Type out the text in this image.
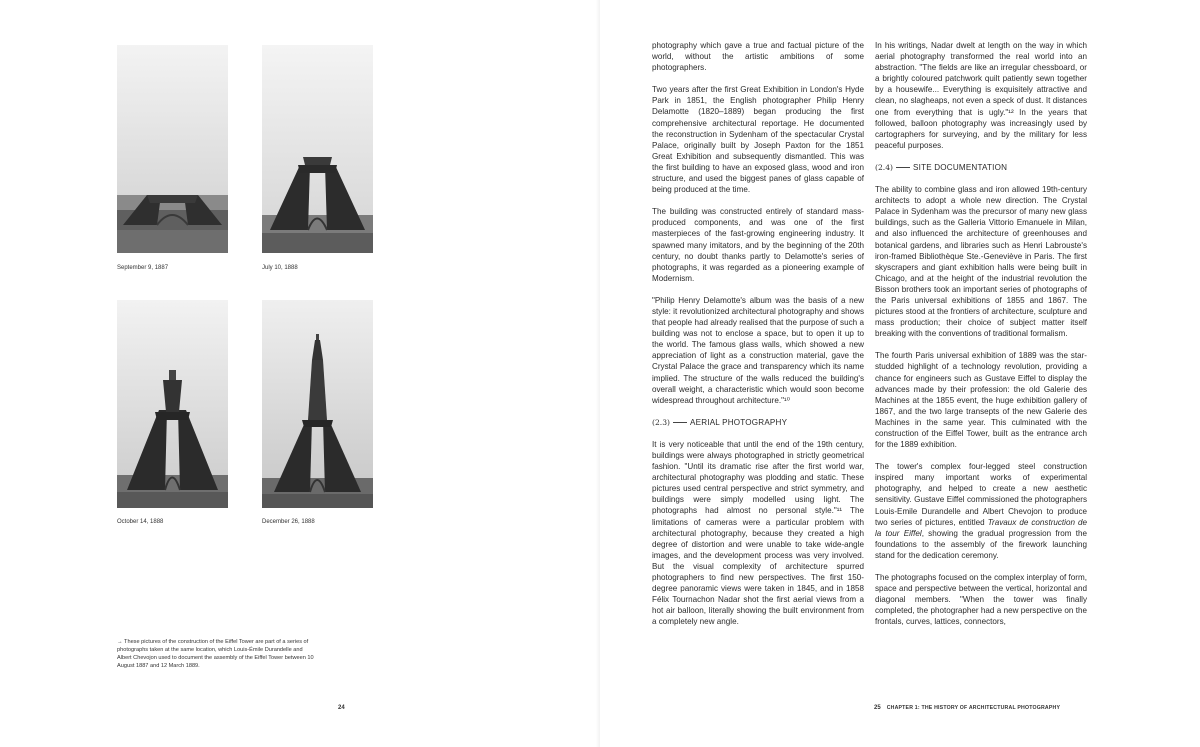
September 9, 1887	July 10, 1888
October 14, 1888	December 26, 1888
→ These pictures of the construction of the Eiffel Tower are part of a series of photographs taken at the same location, which Louis-Émile Durandelle and Albert Chevojon used to document the assembly of the Eiffel Tower between 10 August 1887 and 12 March 1889.
24

photography which gave a true and factual picture of the world, without the artistic ambitions of some photographers.

Two years after the first Great Exhibition in London's Hyde Park in 1851, the English photographer Philip Henry Delamotte (1820–1889) began producing the first comprehensive architectural reportage. He documented the reconstruction in Sydenham of the spectacular Crystal Palace, originally built by Joseph Paxton for the 1851 Great Exhibition and subsequently dismantled. This was the first building to have an exposed glass, wood and iron structure, and used the biggest panes of glass capable of being produced at the time.

The building was constructed entirely of standard mass-produced components, and was one of the first masterpieces of the fast-growing engineering industry. It spawned many imitators, and by the beginning of the 20th century, no doubt thanks partly to Delamotte's series of photographs, it was regarded as a pioneering example of Modernism.

"Philip Henry Delamotte's album was the basis of a new style: it revolutionized architectural photography and shows that people had already realised that the purpose of such a building was not to enclose a space, but to open it up to the world. The famous glass walls, which showed a new appreciation of light as a construction material, gave the Crystal Palace the grace and transparency which its name implied. The structure of the walls reduced the building's overall weight, a characteristic which would soon become widespread throughout architecture."¹⁰

(2.3) AERIAL PHOTOGRAPHY

It is very noticeable that until the end of the 19th century, buildings were always photographed in strictly geometrical fashion. "Until its dramatic rise after the first world war, architectural photography was plodding and static. These pictures used central perspective and strict symmetry, and buildings were simply modelled using light. The photographs had almost no personal style."¹¹ The limitations of cameras were a particular problem with architectural photography, because they created a high degree of distortion and were unable to take wide-angle images, and the development process was very involved. But the visual complexity of architecture spurred photographers to find new perspectives. The first 150-degree panoramic views were taken in 1845, and in 1858 Félix Tournachon Nadar shot the first aerial views from a hot air balloon, literally showing the built environment from a completely new angle.

In his writings, Nadar dwelt at length on the way in which aerial photography transformed the real world into an abstraction. "The fields are like an irregular chessboard, or a brightly coloured patchwork quilt patiently sewn together by a housewife... Everything is exquisitely attractive and clean, no slagheaps, not even a speck of dust. It distances one from everything that is ugly."¹² In the years that followed, balloon photography was increasingly used by cartographers for surveying, and by the military for less peaceful purposes.

(2.4) SITE DOCUMENTATION

The ability to combine glass and iron allowed 19th-century architects to adopt a whole new direction. The Crystal Palace in Sydenham was the precursor of many new glass buildings, such as the Galleria Vittorio Emanuele in Milan, and also influenced the architecture of greenhouses and botanical gardens, and libraries such as Henri Labrouste's iron-framed Bibliothèque Ste.-Geneviève in Paris. The first skyscrapers and giant exhibition halls were being built in Chicago, and at the height of the industrial revolution the Bisson brothers took an important series of photographs of the Paris universal exhibitions of 1855 and 1867. The pictures stood at the frontiers of architecture, sculpture and mass production; their choice of subject matter itself breaking with the conventions of traditional formalism.

The fourth Paris universal exhibition of 1889 was the star-studded highlight of a technology revolution, providing a chance for engineers such as Gustave Eiffel to display the advances made by their profession: the old Galerie des Machines at the 1855 event, the huge exhibition gallery of 1867, and the two large transepts of the new Galerie des Machines in the same year. This culminated with the construction of the Eiffel Tower, built as the entrance arch for the 1889 exhibition.

The tower's complex four-legged steel construction inspired many important works of experimental photography, and helped to create a new aesthetic sensitivity. Gustave Eiffel commissioned the photographers Louis-Emile Durandelle and Albert Chevojon to produce two series of pictures, entitled Travaux de construction de la tour Eiffel, showing the gradual progression from the foundations to the assembly of the firework launching stand for the dedication ceremony.

The photographs focused on the complex interplay of form, space and perspective between the vertical, horizontal and diagonal members. "When the tower was finally completed, the photographer had a new perspective on the frontals, curves, lattices, connectors,

25 CHAPTER 1: THE HISTORY OF ARCHITECTURAL PHOTOGRAPHY
